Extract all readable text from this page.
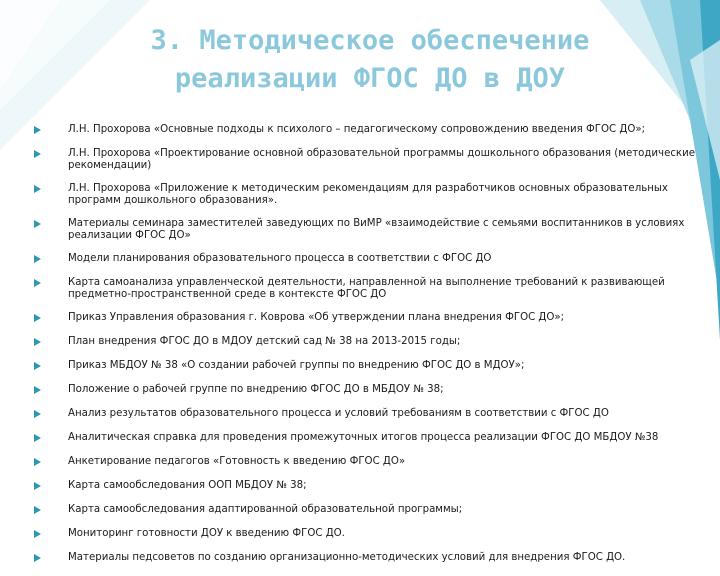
3. Методическое обеспечение
реализации ФГОС ДО в ДОУ
Л.Н. Прохорова «Основные подходы к психолого – педагогическому сопровождению введения ФГОС ДО»;
Л.Н. Прохорова «Проектирование основной образовательной программы дошкольного образования (методические рекомендации)
Л.Н. Прохорова «Приложение к методическим рекомендациям для разработчиков основных образовательных программ дошкольного образования».
Материалы семинара заместителей заведующих по ВиМР «взаимодействие с семьями воспитанников в условиях реализации ФГОС ДО»
Модели планирования образовательного процесса в соответствии с ФГОС ДО
Карта самоанализа управленческой деятельности, направленной на выполнение требований к развивающей предметно-пространственной среде в контексте ФГОС ДО
Приказ Управления образования г. Коврова «Об утверждении плана внедрения ФГОС ДО»;
План внедрения ФГОС ДО в МДОУ детский сад № 38 на 2013-2015 годы;
Приказ МБДОУ № 38 «О создании рабочей группы по внедрению ФГОС ДО в МДОУ»;
Положение о рабочей группе по внедрению ФГОС ДО в МБДОУ № 38;
Анализ результатов образовательного процесса и условий требованиям в соответствии с ФГОС ДО
Аналитическая справка для проведения промежуточных итогов процесса реализации ФГОС ДО МБДОУ №38
Анкетирование педагогов «Готовность к введению ФГОС ДО»
Карта самообследования ООП МБДОУ № 38;
Карта самообследования адаптированной образовательной программы;
Мониторинг готовности ДОУ к введению ФГОС ДО.
Материалы педсоветов по созданию организационно-методических условий для внедрения ФГОС ДО.
